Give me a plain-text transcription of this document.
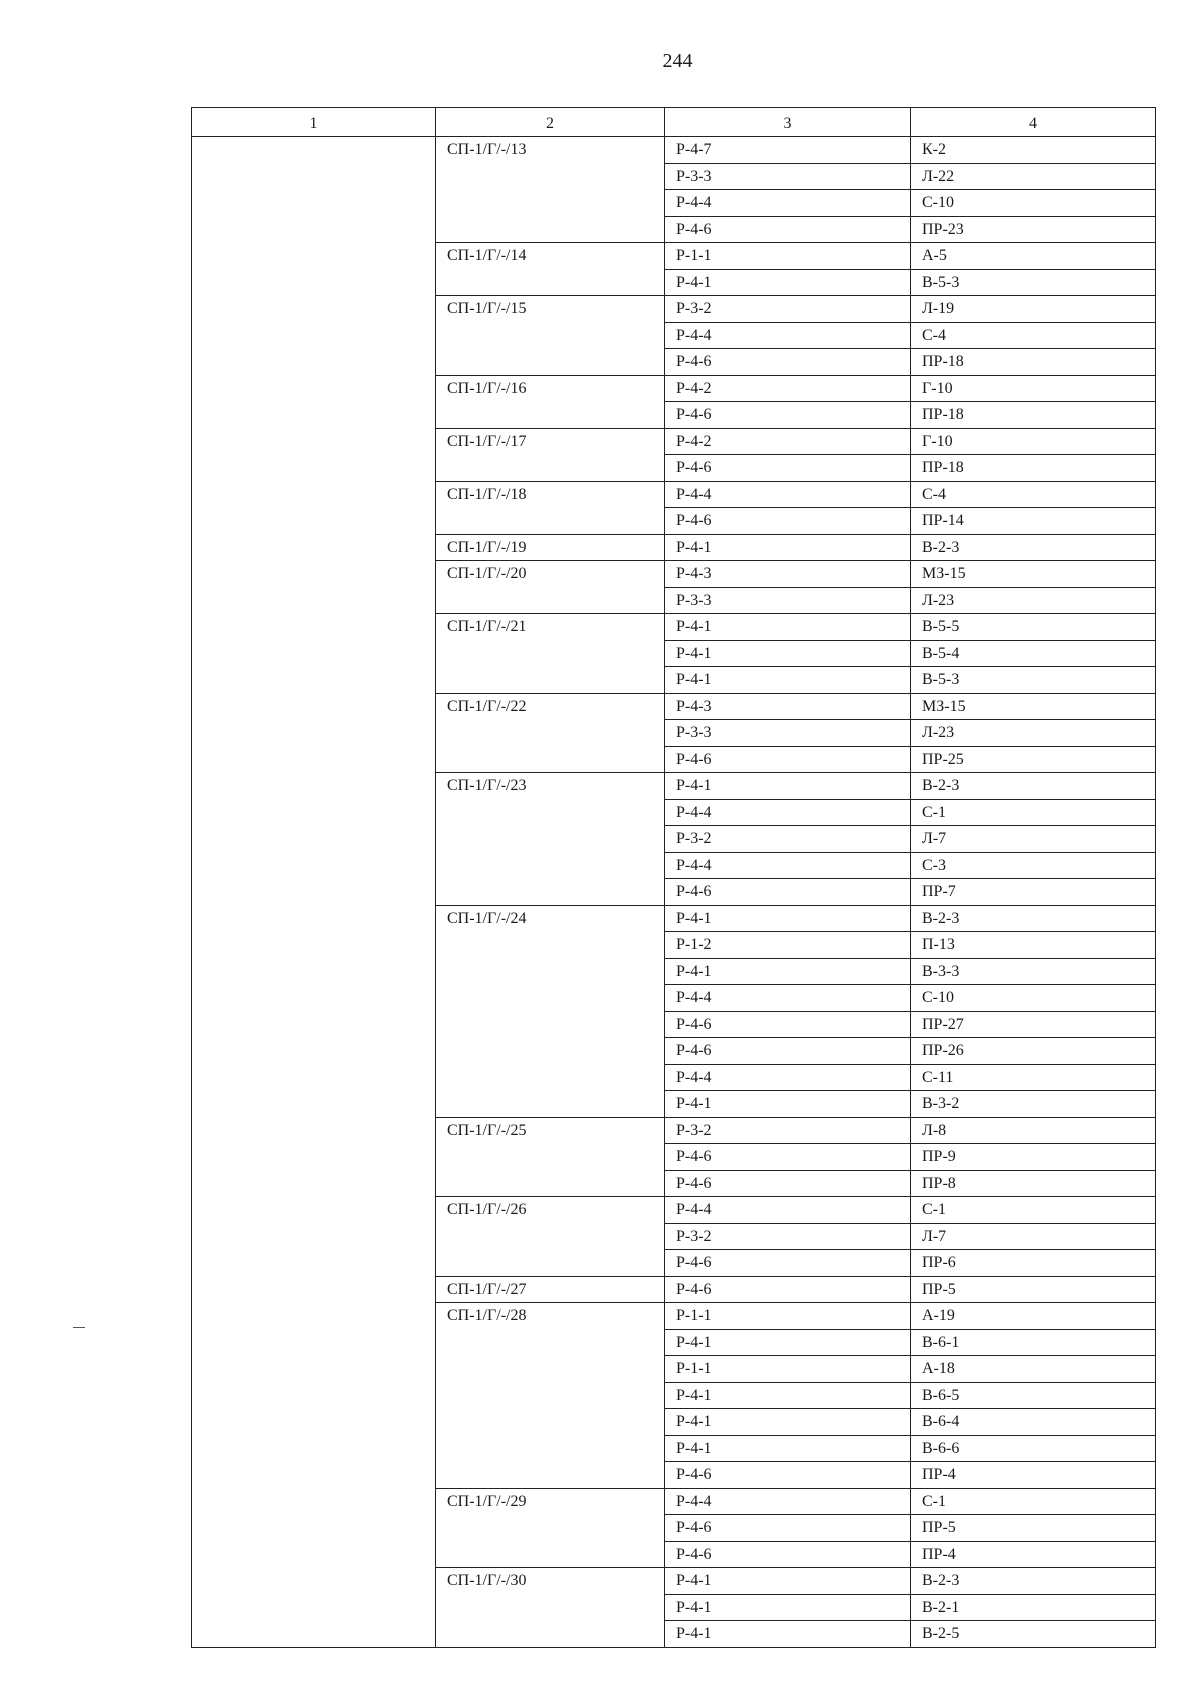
244
1	2	3	4
	СП-1/Г/-/13	Р-4-7	К-2
		Р-3-3	Л-22
		Р-4-4	С-10
		Р-4-6	ПР-23
	СП-1/Г/-/14	Р-1-1	А-5
		Р-4-1	В-5-3
	СП-1/Г/-/15	Р-3-2	Л-19
		Р-4-4	С-4
		Р-4-6	ПР-18
	СП-1/Г/-/16	Р-4-2	Г-10
		Р-4-6	ПР-18
	СП-1/Г/-/17	Р-4-2	Г-10
		Р-4-6	ПР-18
	СП-1/Г/-/18	Р-4-4	С-4
		Р-4-6	ПР-14
	СП-1/Г/-/19	Р-4-1	В-2-3
	СП-1/Г/-/20	Р-4-3	МЗ-15
		Р-3-3	Л-23
	СП-1/Г/-/21	Р-4-1	В-5-5
		Р-4-1	В-5-4
		Р-4-1	В-5-3
	СП-1/Г/-/22	Р-4-3	МЗ-15
		Р-3-3	Л-23
		Р-4-6	ПР-25
	СП-1/Г/-/23	Р-4-1	В-2-3
		Р-4-4	С-1
		Р-3-2	Л-7
		Р-4-4	С-3
		Р-4-6	ПР-7
	СП-1/Г/-/24	Р-4-1	В-2-3
		Р-1-2	П-13
		Р-4-1	В-3-3
		Р-4-4	С-10
		Р-4-6	ПР-27
		Р-4-6	ПР-26
		Р-4-4	С-11
		Р-4-1	В-3-2
	СП-1/Г/-/25	Р-3-2	Л-8
		Р-4-6	ПР-9
		Р-4-6	ПР-8
	СП-1/Г/-/26	Р-4-4	С-1
		Р-3-2	Л-7
		Р-4-6	ПР-6
	СП-1/Г/-/27	Р-4-6	ПР-5
	СП-1/Г/-/28	Р-1-1	А-19
		Р-4-1	В-6-1
		Р-1-1	А-18
		Р-4-1	В-6-5
		Р-4-1	В-6-4
		Р-4-1	В-6-6
		Р-4-6	ПР-4
	СП-1/Г/-/29	Р-4-4	С-1
		Р-4-6	ПР-5
		Р-4-6	ПР-4
	СП-1/Г/-/30	Р-4-1	В-2-3
		Р-4-1	В-2-1
		Р-4-1	В-2-5
